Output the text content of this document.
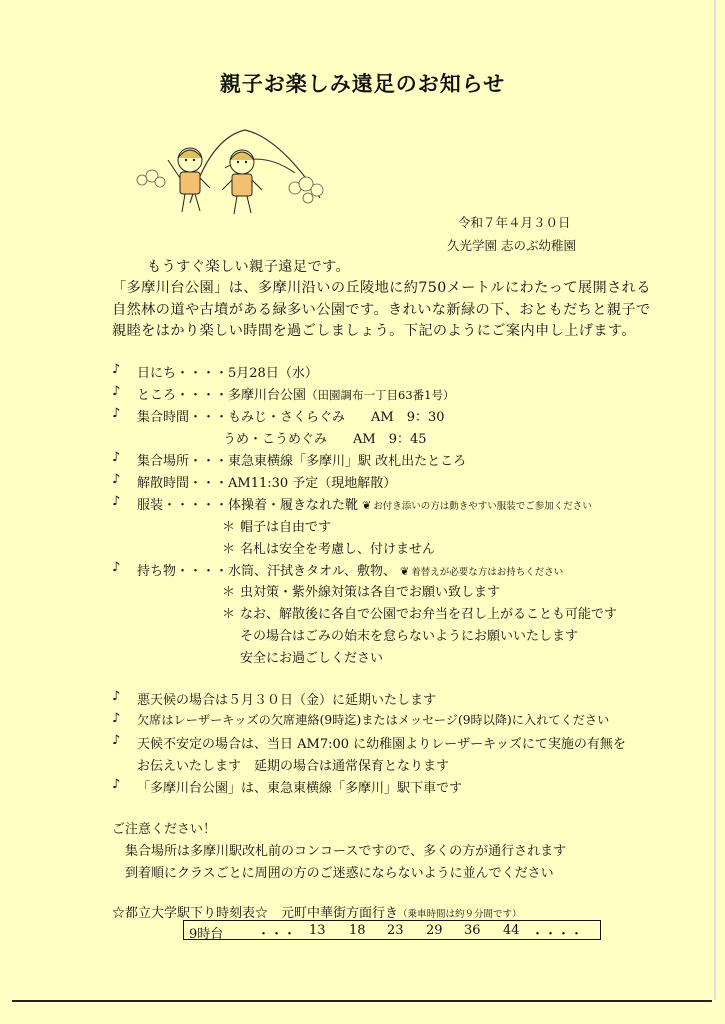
親子お楽しみ遠足のお知らせ
令和７年４月３０日
久光学園 志のぶ幼稚園
もうすぐ楽しい親子遠足です。
「多摩川台公園」は、多摩川沿いの丘陵地に約750メートルにわたって展開される
自然林の道や古墳がある緑多い公園です。きれいな新緑の下、おともだちと親子で
親睦をはかり楽しい時間を過ごしましょう。下記のようにご案内申し上げます。
♪ 日にち・・・・5月28日（水）
♪ ところ・・・・多摩川台公園（田園調布一丁目63番1号）
♪ 集合時間・・・もみじ・さくらぐみ　　AM　9：30
うめ・こうめぐみ　　AM　9：45
♪ 集合場所・・・東急東横線「多摩川」駅 改札出たところ
♪ 解散時間・・・AM11:30 予定（現地解散）
♪ 服装・・・・・体操着・履きなれた靴 ❦ お付き添いの方は動きやすい服装でご参加ください
＊ 帽子は自由です
＊ 名札は安全を考慮し、付けません
♪ 持ち物・・・・水筒、汗拭きタオル、敷物、 ❦ 着替えが必要な方はお持ちください
＊ 虫対策・紫外線対策は各自でお願い致します
＊ なお、解散後に各自で公園でお弁当を召し上がることも可能です
その場合はごみの始末を怠らないようにお願いいたします
安全にお過ごしください
♪ 悪天候の場合は５月３０日（金）に延期いたします
♪ 欠席はレーザーキッズの欠席連絡(9時迄)またはメッセージ(9時以降)に入れてください
♪ 天候不安定の場合は、当日 AM7:00 に幼稚園よりレーザーキッズにて実施の有無を
お伝えいたします　延期の場合は通常保育となります
♪ 「多摩川台公園」は、東急東横線「多摩川」駅下車です
ご注意ください！
集合場所は多摩川駅改札前のコンコースですので、多くの方が通行されます
到着順にクラスごとに周囲の方のご迷惑にならないように並んでください
☆都立大学駅下り時刻表☆　元町中華街方面行き（乗車時間は約９分間です）
9時台	・・・ 13 18 23 29 36 44 ・・・・
